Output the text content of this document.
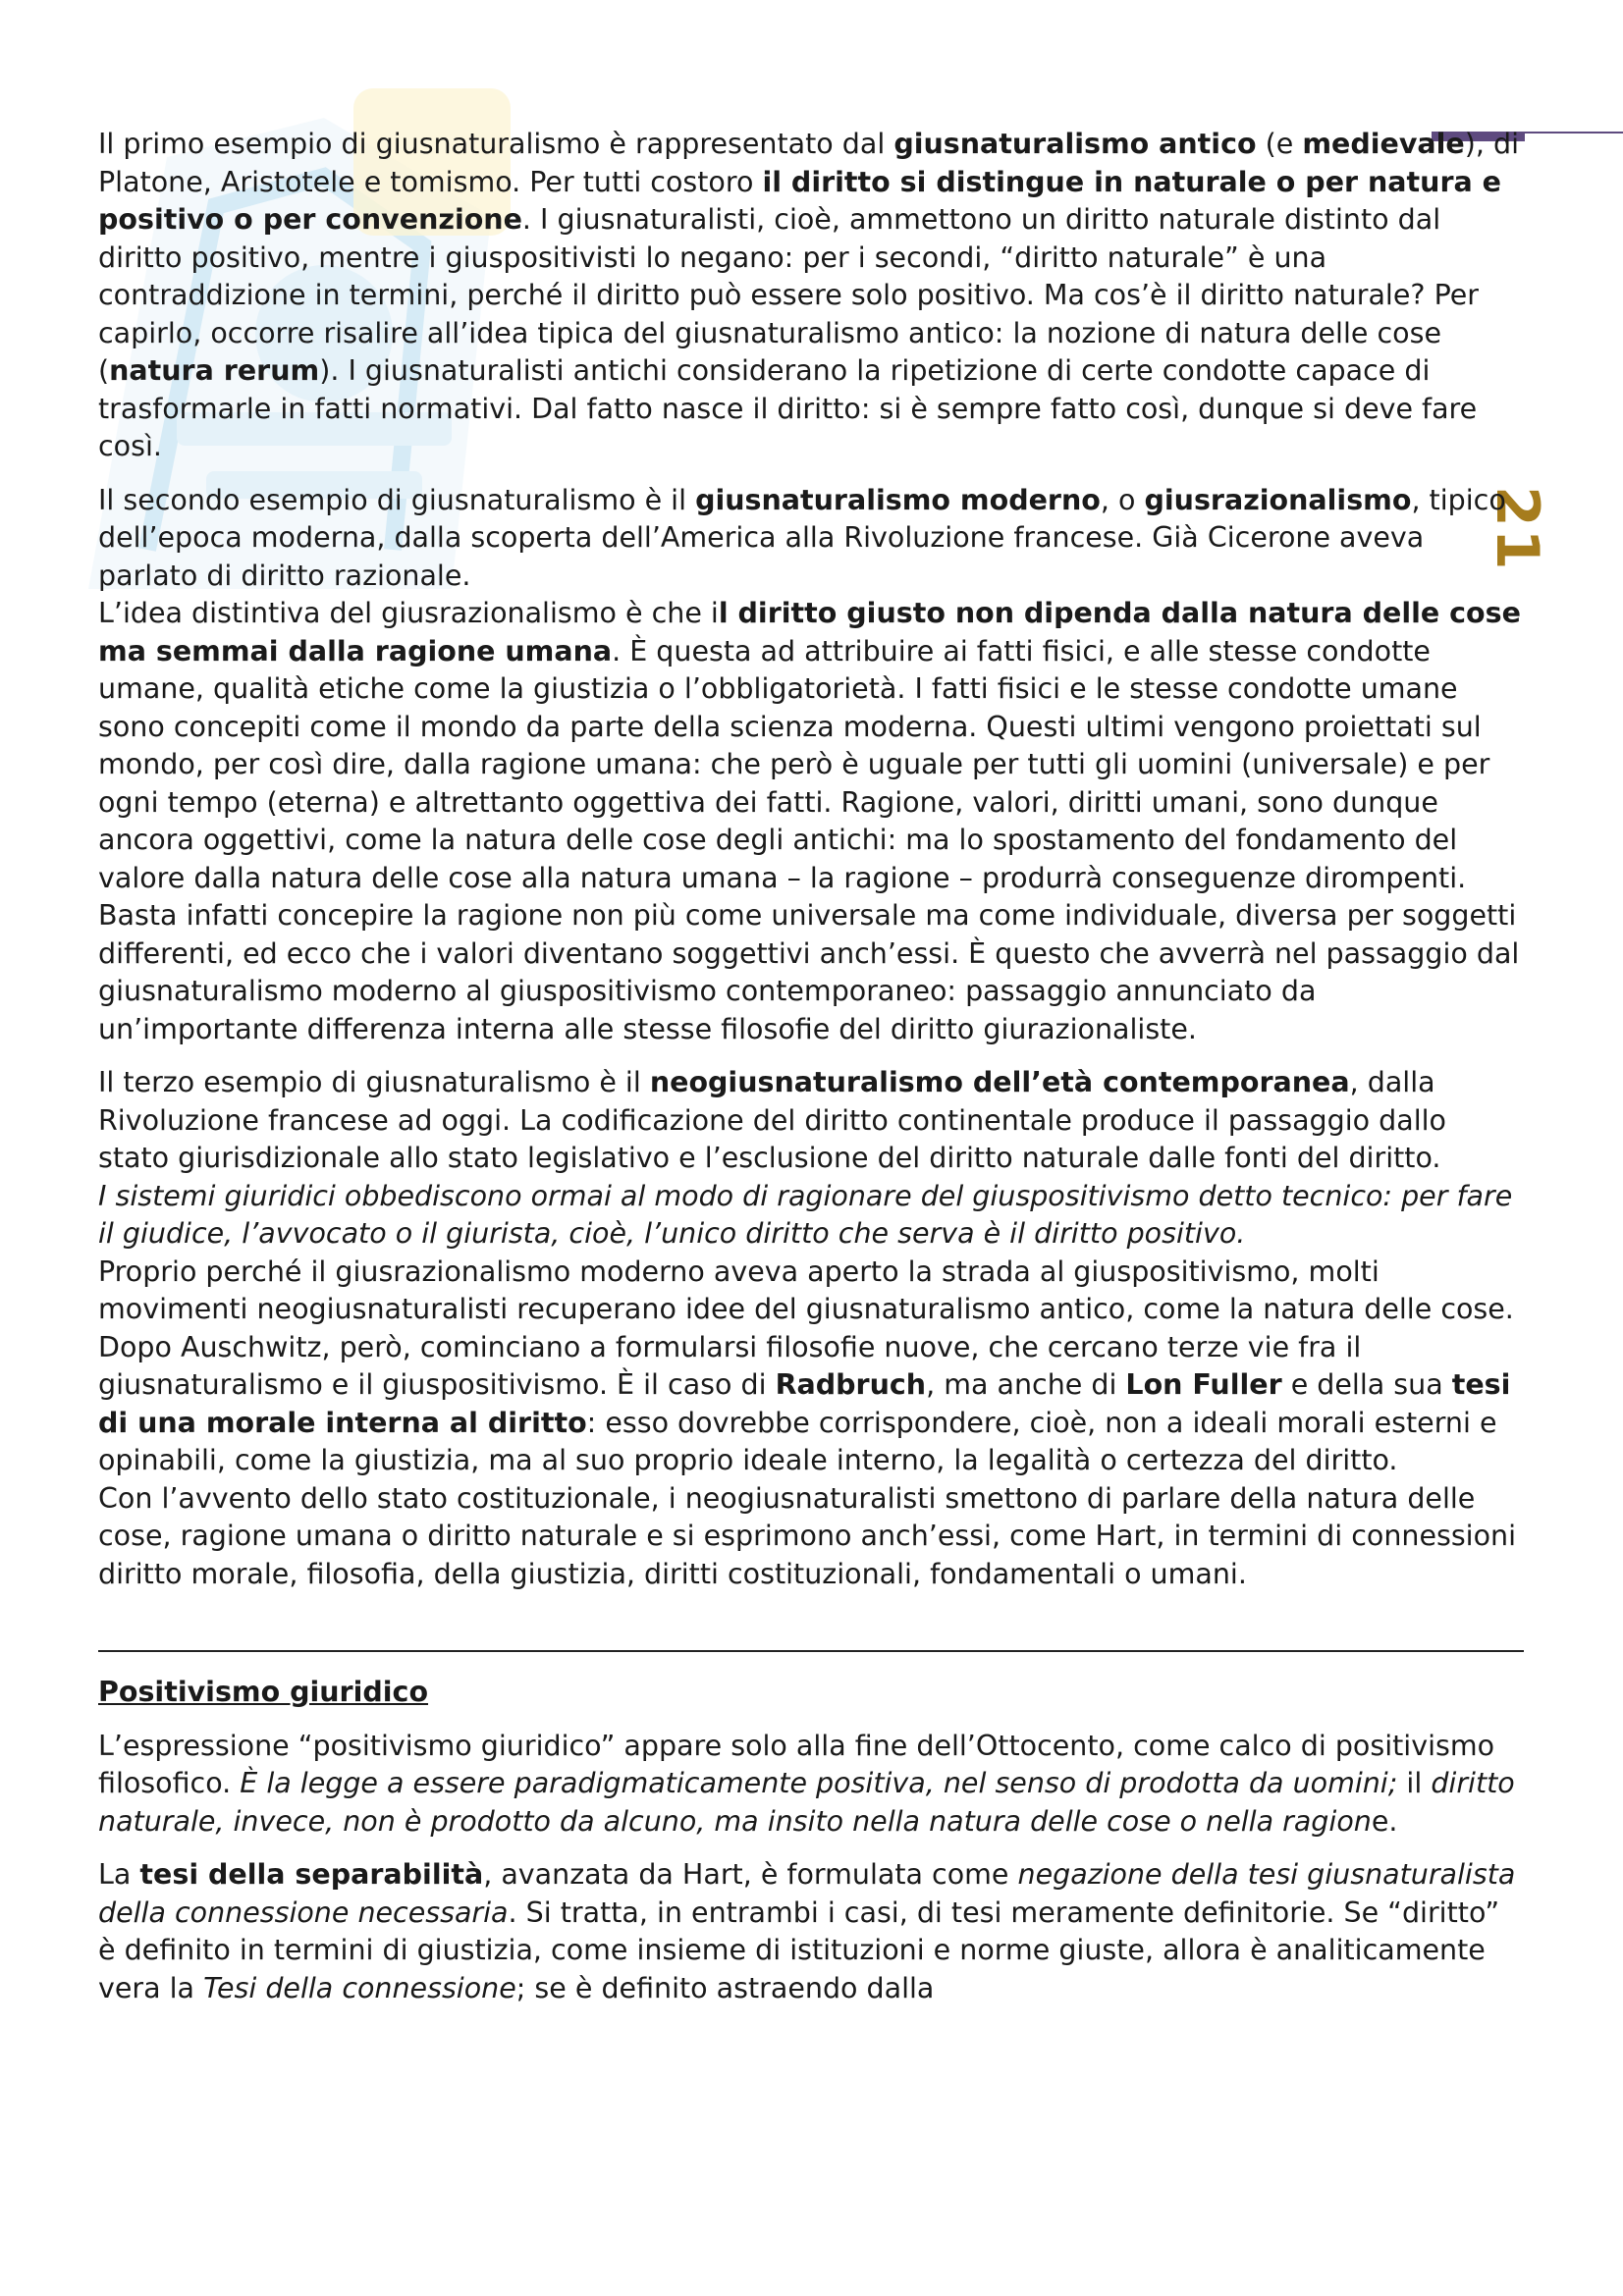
21

Il primo esempio di giusnaturalismo è rappresentato dal giusnaturalismo antico (e medievale), di Platone, Aristotele e tomismo. Per tutti costoro il diritto si distingue in naturale o per natura e positivo o per convenzione. I giusnaturalisti, cioè, ammettono un diritto naturale distinto dal diritto positivo, mentre i giuspositivisti lo negano: per i secondi, “diritto naturale” è una contraddizione in termini, perché il diritto può essere solo positivo. Ma cos’è il diritto naturale? Per capirlo, occorre risalire all’idea tipica del giusnaturalismo antico: la nozione di natura delle cose (natura rerum). I giusnaturalisti antichi considerano la ripetizione di certe condotte capace di trasformarle in fatti normativi. Dal fatto nasce il diritto: si è sempre fatto così, dunque si deve fare così.

Il secondo esempio di giusnaturalismo è il giusnaturalismo moderno, o giusrazionalismo, tipico dell’epoca moderna, dalla scoperta dell’America alla Rivoluzione francese. Già Cicerone aveva parlato di diritto razionale.

L’idea distintiva del giusrazionalismo è che il diritto giusto non dipenda dalla natura delle cose ma semmai dalla ragione umana. È questa ad attribuire ai fatti fisici, e alle stesse condotte umane, qualità etiche come la giustizia o l’obbligatorietà. I fatti fisici e le stesse condotte umane sono concepiti come il mondo da parte della scienza moderna. Questi ultimi vengono proiettati sul mondo, per così dire, dalla ragione umana: che però è uguale per tutti gli uomini (universale) e per ogni tempo (eterna) e altrettanto oggettiva dei fatti. Ragione, valori, diritti umani, sono dunque ancora oggettivi, come la natura delle cose degli antichi: ma lo spostamento del fondamento del valore dalla natura delle cose alla natura umana – la ragione – produrrà conseguenze dirompenti. Basta infatti concepire la ragione non più come universale ma come individuale, diversa per soggetti differenti, ed ecco che i valori diventano soggettivi anch’essi. È questo che avverrà nel passaggio dal giusnaturalismo moderno al giuspositivismo contemporaneo: passaggio annunciato da un’importante differenza interna alle stesse filosofie del diritto giurazionaliste.

Il terzo esempio di giusnaturalismo è il neogiusnaturalismo dell’età contemporanea, dalla Rivoluzione francese ad oggi. La codificazione del diritto continentale produce il passaggio dallo stato giurisdizionale allo stato legislativo e l’esclusione del diritto naturale dalle fonti del diritto.

I sistemi giuridici obbediscono ormai al modo di ragionare del giuspositivismo detto tecnico: per fare il giudice, l’avvocato o il giurista, cioè, l’unico diritto che serva è il diritto positivo.

Proprio perché il giusrazionalismo moderno aveva aperto la strada al giuspositivismo, molti movimenti neogiusnaturalisti recuperano idee del giusnaturalismo antico, come la natura delle cose. Dopo Auschwitz, però, cominciano a formularsi filosofie nuove, che cercano terze vie fra il giusnaturalismo e il giuspositivismo. È il caso di Radbruch, ma anche di Lon Fuller e della sua tesi di una morale interna al diritto: esso dovrebbe corrispondere, cioè, non a ideali morali esterni e opinabili, come la giustizia, ma al suo proprio ideale interno, la legalità o certezza del diritto.

Con l’avvento dello stato costituzionale, i neogiusnaturalisti smettono di parlare della natura delle cose, ragione umana o diritto naturale e si esprimono anch’essi, come Hart, in termini di connessioni diritto morale, filosofia, della giustizia, diritti costituzionali, fondamentali o umani.

Positivismo giuridico

L’espressione “positivismo giuridico” appare solo alla fine dell’Ottocento, come calco di positivismo filosofico. È la legge a essere paradigmaticamente positiva, nel senso di prodotta da uomini; il diritto naturale, invece, non è prodotto da alcuno, ma insito nella natura delle cose o nella ragione.

La tesi della separabilità, avanzata da Hart, è formulata come negazione della tesi giusnaturalista della connessione necessaria. Si tratta, in entrambi i casi, di tesi meramente definitorie. Se “diritto” è definito in termini di giustizia, come insieme di istituzioni e norme giuste, allora è analiticamente vera la Tesi della connessione; se è definito astraendo dalla
